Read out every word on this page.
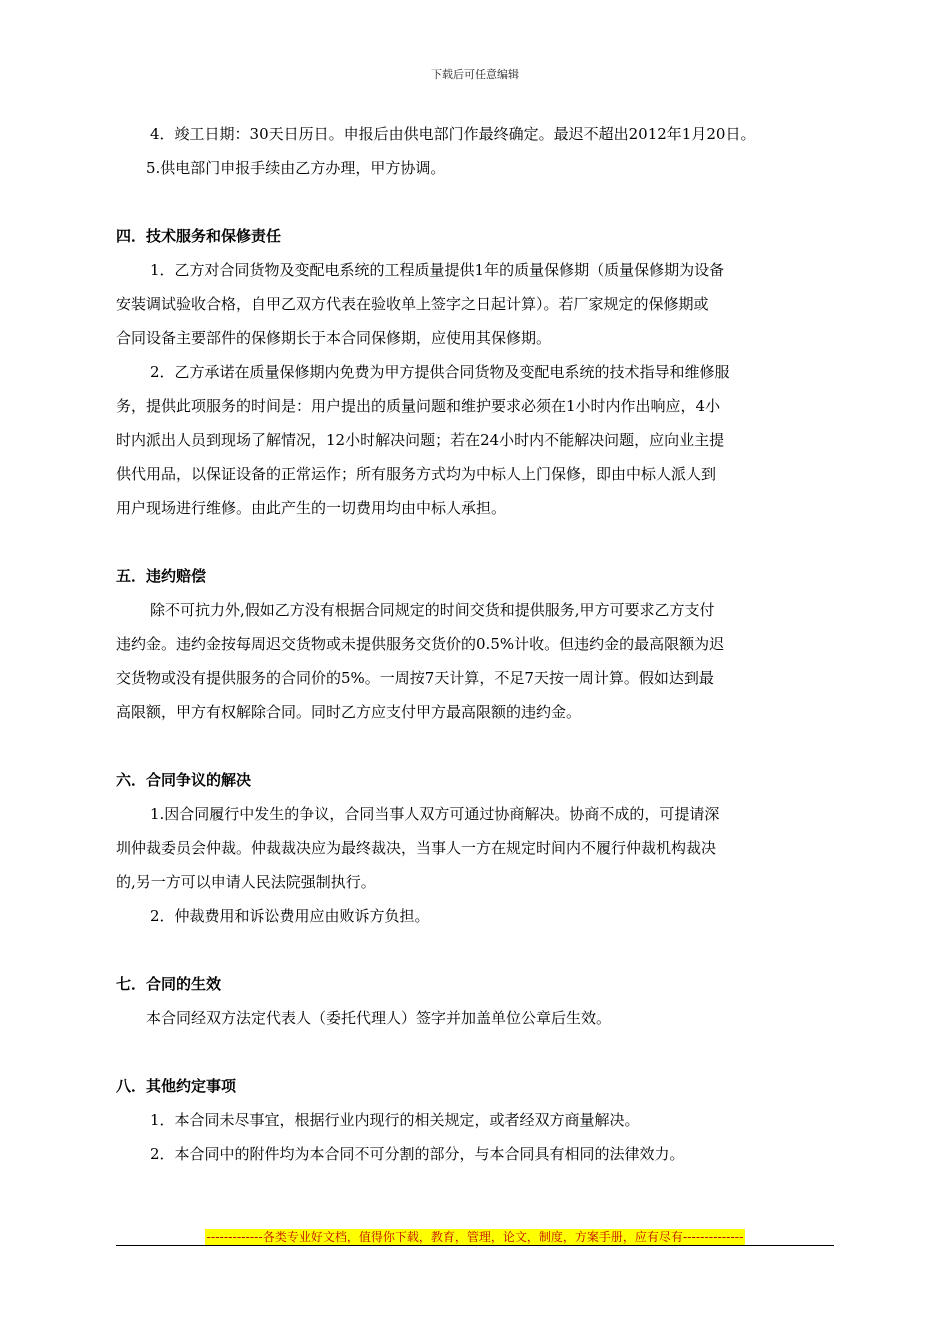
下载后可任意编辑
4．竣工日期：30天日历日。申报后由供电部门作最终确定。最迟不超出2012年1月20日。
5.供电部门申报手续由乙方办理，甲方协调。
四．技术服务和保修责任
1．乙方对合同货物及变配电系统的工程质量提供1年的质量保修期（质量保修期为设备
安装调试验收合格，自甲乙双方代表在验收单上签字之日起计算）。若厂家规定的保修期或
合同设备主要部件的保修期长于本合同保修期，应使用其保修期。
2．乙方承诺在质量保修期内免费为甲方提供合同货物及变配电系统的技术指导和维修服
务，提供此项服务的时间是：用户提出的质量问题和维护要求必须在1小时内作出响应，4小
时内派出人员到现场了解情况，12小时解决问题；若在24小时内不能解决问题，应向业主提
供代用品，以保证设备的正常运作；所有服务方式均为中标人上门保修，即由中标人派人到
用户现场进行维修。由此产生的一切费用均由中标人承担。
五．违约赔偿
除不可抗力外,假如乙方没有根据合同规定的时间交货和提供服务,甲方可要求乙方支付
违约金。违约金按每周迟交货物或未提供服务交货价的0.5%计收。但违约金的最高限额为迟
交货物或没有提供服务的合同价的5%。一周按7天计算，不足7天按一周计算。假如达到最
高限额，甲方有权解除合同。同时乙方应支付甲方最高限额的违约金。
六．合同争议的解决
1.因合同履行中发生的争议，合同当事人双方可通过协商解决。协商不成的，可提请深
圳仲裁委员会仲裁。仲裁裁决应为最终裁决，当事人一方在规定时间内不履行仲裁机构裁决
的,另一方可以申请人民法院强制执行。
2．仲裁费用和诉讼费用应由败诉方负担。
七．合同的生效
本合同经双方法定代表人（委托代理人）签字并加盖单位公章后生效。
八．其他约定事项
1．本合同未尽事宜，根据行业内现行的相关规定，或者经双方商量解决。
2．本合同中的附件均为本合同不可分割的部分，与本合同具有相同的法律效力。
-------------各类专业好文档，值得你下载，教育，管理，论文，制度，方案手册，应有尽有--------------
